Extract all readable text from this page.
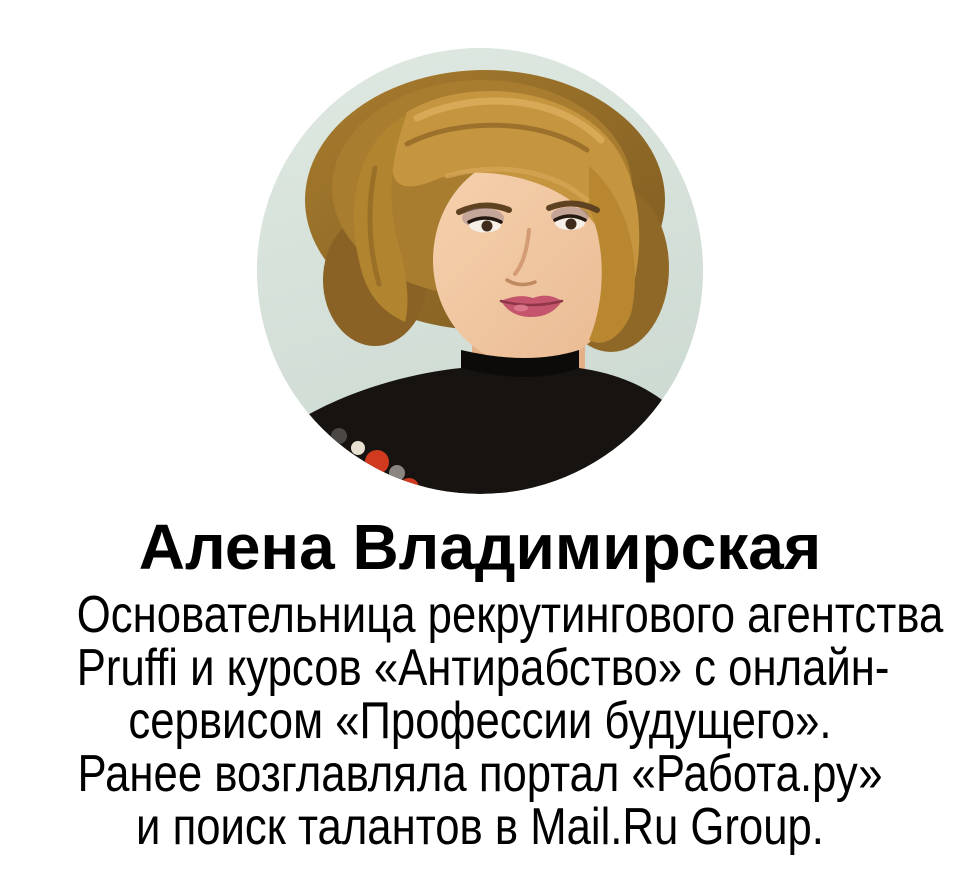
Алена Владимирская
Основательница рекрутингового агентства
Pruffi и курсов «Антирабство» с онлайн-
сервисом «Профессии будущего».
Ранее возглавляла портал «Работа.ру»
и поиск талантов в Mail.Ru Group.
